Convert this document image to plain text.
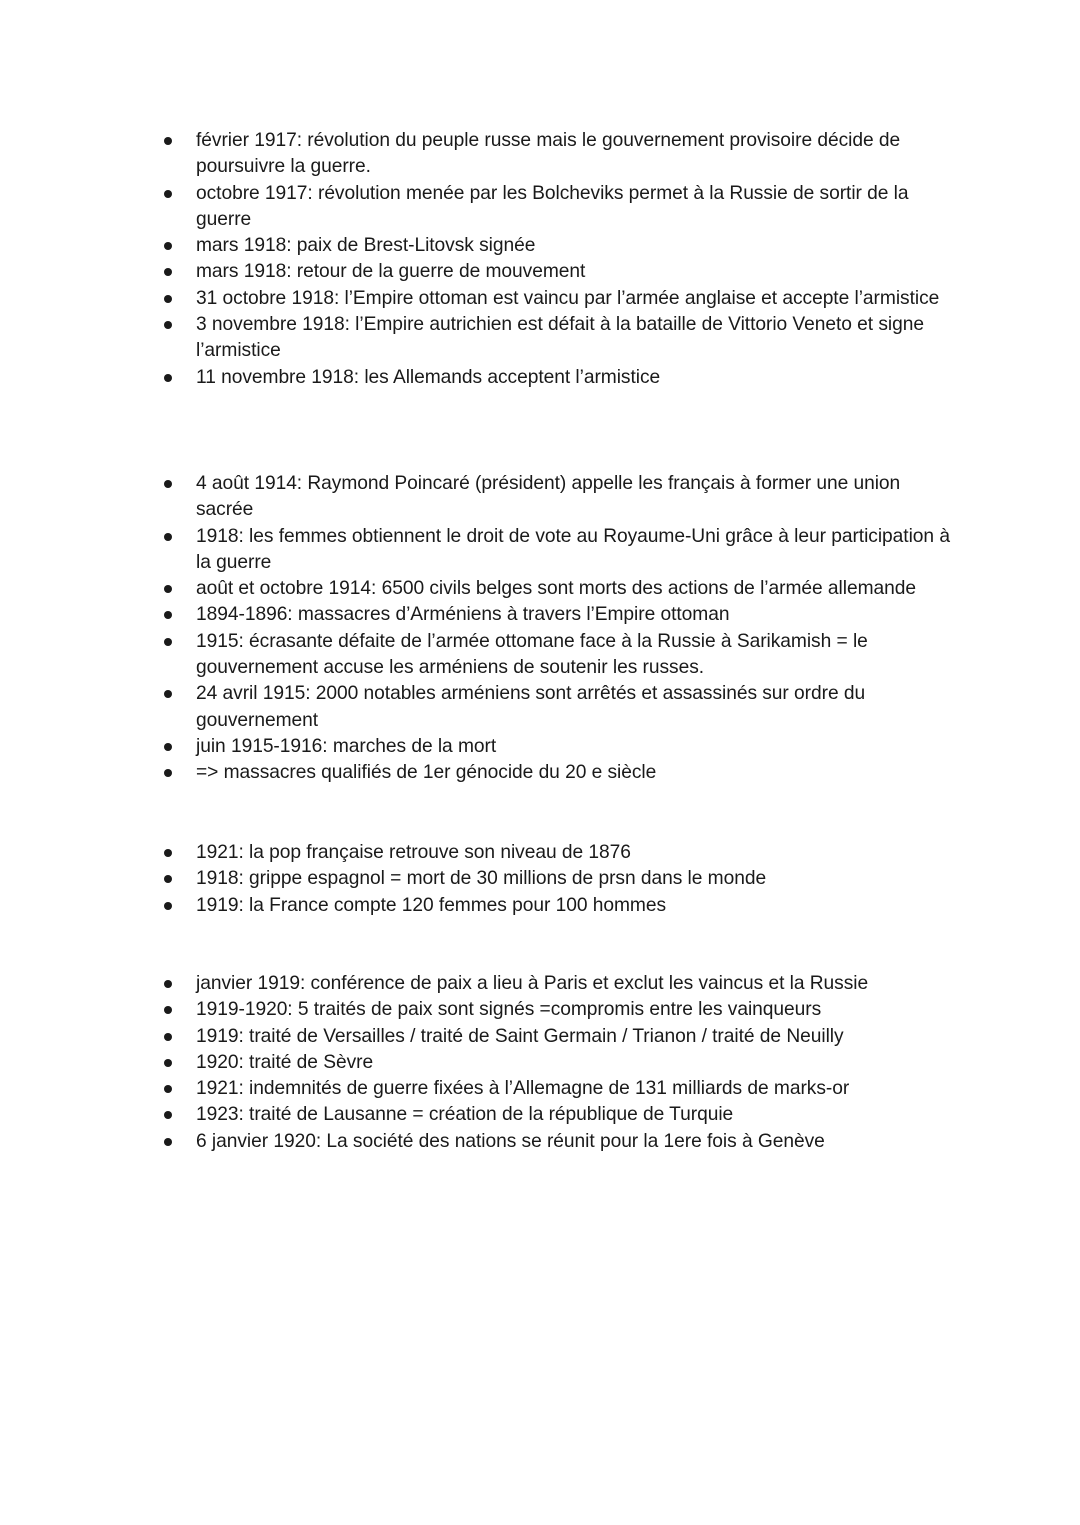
février 1917: révolution du peuple russe mais le gouvernement provisoire décide de poursuivre la guerre.
octobre 1917: révolution menée par les Bolcheviks permet à la Russie de sortir de la guerre
mars 1918: paix de Brest-Litovsk signée
mars 1918: retour de la guerre de mouvement
31 octobre 1918: l’Empire ottoman est vaincu par l’armée anglaise et accepte l’armistice
3 novembre 1918: l’Empire autrichien est défait à la bataille de Vittorio Veneto et signe l’armistice
11 novembre 1918: les Allemands acceptent l’armistice
4 août 1914: Raymond Poincaré (président) appelle les français à former une union sacrée
1918: les femmes obtiennent le droit de vote au Royaume-Uni grâce à leur participation à la guerre
août et octobre 1914: 6500 civils belges sont morts des actions de l’armée allemande
1894-1896: massacres d’Arméniens à travers l’Empire ottoman
1915: écrasante défaite de l’armée ottomane face à la Russie à Sarikamish = le gouvernement accuse les arméniens de soutenir les russes.
24 avril 1915: 2000 notables arméniens sont arrêtés et assassinés sur ordre du gouvernement
juin 1915-1916: marches de la mort
=> massacres qualifiés de 1er génocide du 20 e siècle
1921: la pop française retrouve son niveau de 1876
1918: grippe espagnol = mort de 30 millions de prsn dans le monde
1919: la France compte 120 femmes pour 100 hommes
janvier 1919: conférence de paix a lieu à Paris et exclut les vaincus et la Russie
1919-1920: 5 traités de paix sont signés =compromis entre les vainqueurs
1919: traité de Versailles / traité de Saint Germain / Trianon / traité de Neuilly
1920: traité de Sèvre
1921: indemnités de guerre fixées à l’Allemagne de 131 milliards de marks-or
1923: traité de Lausanne = création de la république de Turquie
6 janvier 1920: La société des nations se réunit pour la 1ere fois à Genève
